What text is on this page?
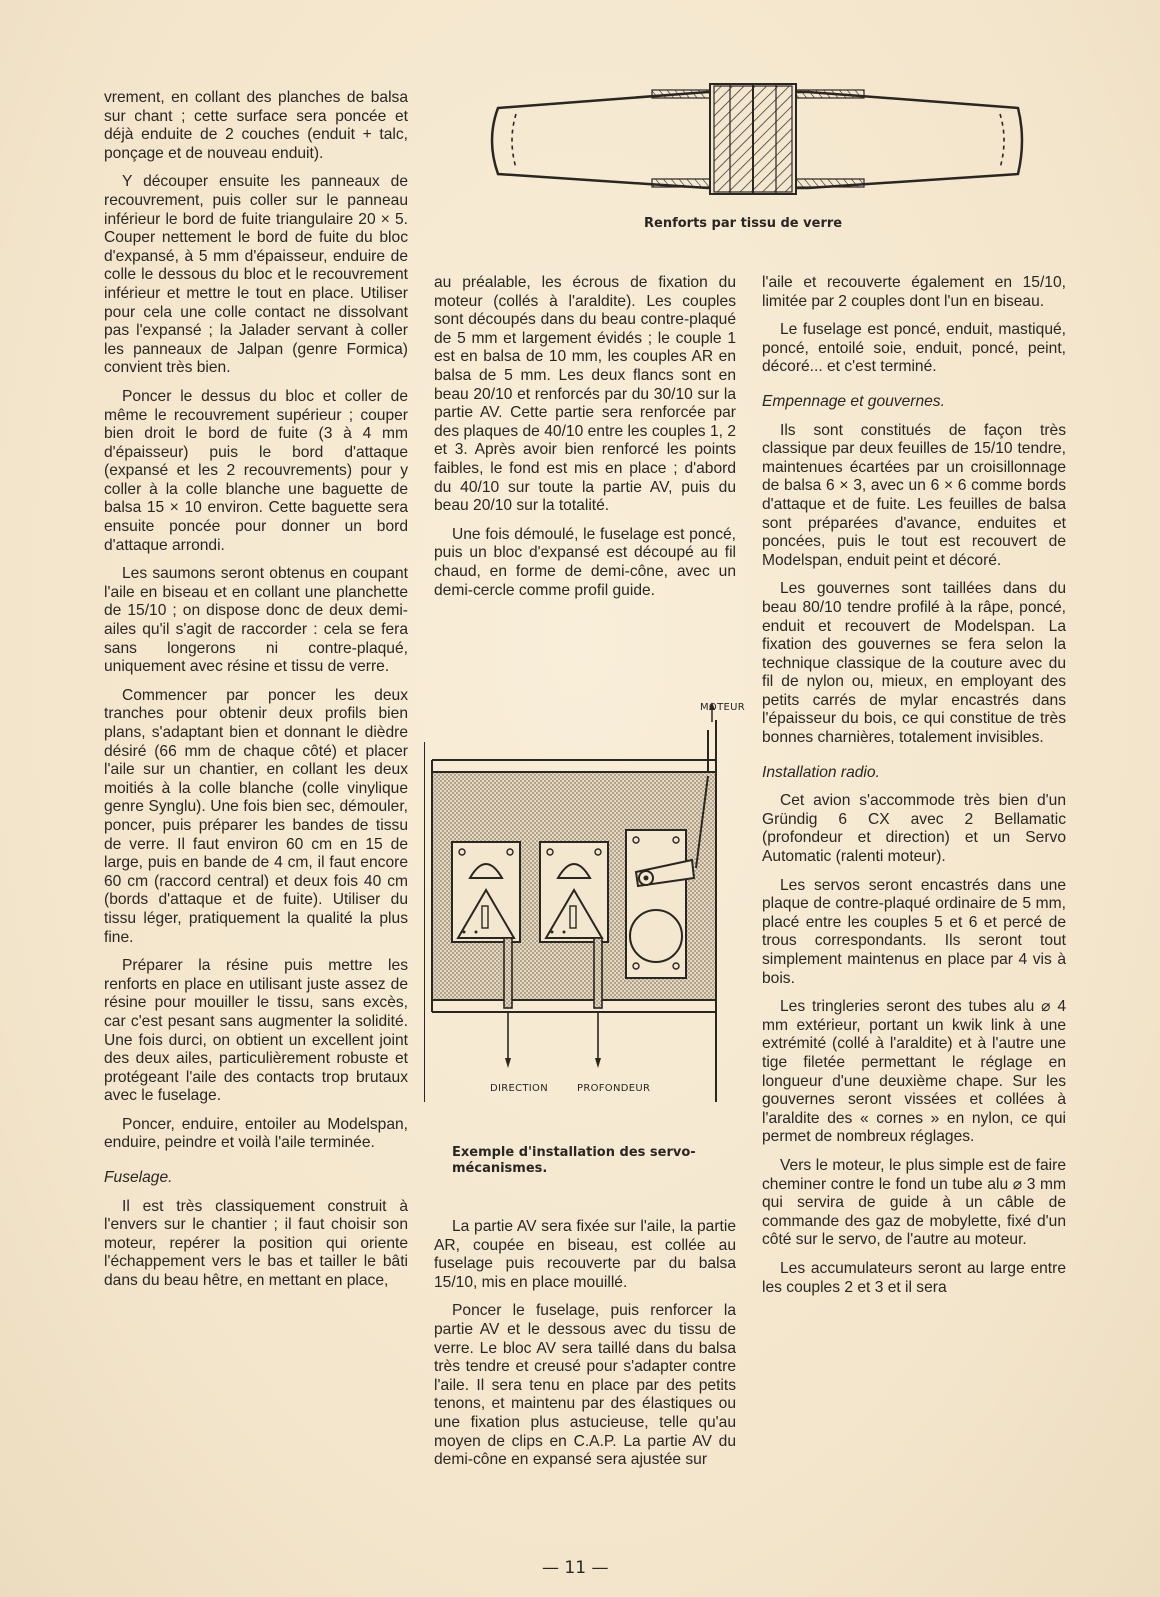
vrement, en collant des planches de balsa sur chant ; cette surface sera poncée et déjà enduite de 2 couches (enduit + talc, ponçage et de nouveau enduit).

Y découper ensuite les panneaux de recouvrement, puis coller sur le panneau inférieur le bord de fuite triangulaire 20 × 5. Couper nettement le bord de fuite du bloc d'expansé, à 5 mm d'épaisseur, enduire de colle le dessous du bloc et le recouvrement inférieur et mettre le tout en place. Utiliser pour cela une colle contact ne dissolvant pas l'expansé ; la Jalader servant à coller les panneaux de Jalpan (genre Formica) convient très bien.

Poncer le dessus du bloc et coller de même le recouvrement supérieur ; couper bien droit le bord de fuite (3 à 4 mm d'épaisseur) puis le bord d'attaque (expansé et les 2 recouvrements) pour y coller à la colle blanche une baguette de balsa 15 × 10 environ. Cette baguette sera ensuite poncée pour donner un bord d'attaque arrondi.

Les saumons seront obtenus en coupant l'aile en biseau et en collant une planchette de 15/10 ; on dispose donc de deux demi-ailes qu'il s'agit de raccorder : cela se fera sans longerons ni contre-plaqué, uniquement avec résine et tissu de verre.

Commencer par poncer les deux tranches pour obtenir deux profils bien plans, s'adaptant bien et donnant le dièdre désiré (66 mm de chaque côté) et placer l'aile sur un chantier, en collant les deux moitiés à la colle blanche (colle vinylique genre Synglu). Une fois bien sec, démouler, poncer, puis préparer les bandes de tissu de verre. Il faut environ 60 cm en 15 de large, puis en bande de 4 cm, il faut encore 60 cm (raccord central) et deux fois 40 cm (bords d'attaque et de fuite). Utiliser du tissu léger, pratiquement la qualité la plus fine.

Préparer la résine puis mettre les renforts en place en utilisant juste assez de résine pour mouiller le tissu, sans excès, car c'est pesant sans augmenter la solidité. Une fois durci, on obtient un excellent joint des deux ailes, particulièrement robuste et protégeant l'aile des contacts trop brutaux avec le fuselage.

Poncer, enduire, entoiler au Modelspan, enduire, peindre et voilà l'aile terminée.

Fuselage.

Il est très classiquement construit à l'envers sur le chantier ; il faut choisir son moteur, repérer la position qui oriente l'échappement vers le bas et tailler le bâti dans du beau hêtre, en mettant en place,

Renforts par tissu de verre

au préalable, les écrous de fixation du moteur (collés à l'araldite). Les couples sont découpés dans du beau contre-plaqué de 5 mm et largement évidés ; le couple 1 est en balsa de 10 mm, les couples AR en balsa de 5 mm. Les deux flancs sont en beau 20/10 et renforcés par du 30/10 sur la partie AV. Cette partie sera renforcée par des plaques de 40/10 entre les couples 1, 2 et 3. Après avoir bien renforcé les points faibles, le fond est mis en place ; d'abord du 40/10 sur toute la partie AV, puis du beau 20/10 sur la totalité.

Une fois démoulé, le fuselage est poncé, puis un bloc d'expansé est découpé au fil chaud, en forme de demi-cône, avec un demi-cercle comme profil guide.

MOTEUR
DIRECTION	PROFONDEUR
Exemple d'installation des servo-mécanismes.

La partie AV sera fixée sur l'aile, la partie AR, coupée en biseau, est collée au fuselage puis recouverte par du balsa 15/10, mis en place mouillé.

Poncer le fuselage, puis renforcer la partie AV et le dessous avec du tissu de verre. Le bloc AV sera taillé dans du balsa très tendre et creusé pour s'adapter contre l'aile. Il sera tenu en place par des petits tenons, et maintenu par des élastiques ou une fixation plus astucieuse, telle qu'au moyen de clips en C.A.P. La partie AV du demi-cône en expansé sera ajustée sur

l'aile et recouverte également en 15/10, limitée par 2 couples dont l'un en biseau.

Le fuselage est poncé, enduit, mastiqué, poncé, entoilé soie, enduit, poncé, peint, décoré... et c'est terminé.

Empennage et gouvernes.

Ils sont constitués de façon très classique par deux feuilles de 15/10 tendre, maintenues écartées par un croisillonnage de balsa 6 × 3, avec un 6 × 6 comme bords d'attaque et de fuite. Les feuilles de balsa sont préparées d'avance, enduites et poncées, puis le tout est recouvert de Modelspan, enduit peint et décoré.

Les gouvernes sont taillées dans du beau 80/10 tendre profilé à la râpe, poncé, enduit et recouvert de Modelspan. La fixation des gouvernes se fera selon la technique classique de la couture avec du fil de nylon ou, mieux, en employant des petits carrés de mylar encastrés dans l'épaisseur du bois, ce qui constitue de très bonnes charnières, totalement invisibles.

Installation radio.

Cet avion s'accommode très bien d'un Gründig 6 CX avec 2 Bellamatic (profondeur et direction) et un Servo Automatic (ralenti moteur).

Les servos seront encastrés dans une plaque de contre-plaqué ordinaire de 5 mm, placé entre les couples 5 et 6 et percé de trous correspondants. Ils seront tout simplement maintenus en place par 4 vis à bois.

Les tringleries seront des tubes alu ⌀ 4 mm extérieur, portant un kwik link à une extrémité (collé à l'araldite) et à l'autre une tige filetée permettant le réglage en longueur d'une deuxième chape. Sur les gouvernes seront vissées et collées à l'araldite des « cornes » en nylon, ce qui permet de nombreux réglages.

Vers le moteur, le plus simple est de faire cheminer contre le fond un tube alu ⌀ 3 mm qui servira de guide à un câble de commande des gaz de mobylette, fixé d'un côté sur le servo, de l'autre au moteur.

Les accumulateurs seront au large entre les couples 2 et 3 et il sera

— 11 —
